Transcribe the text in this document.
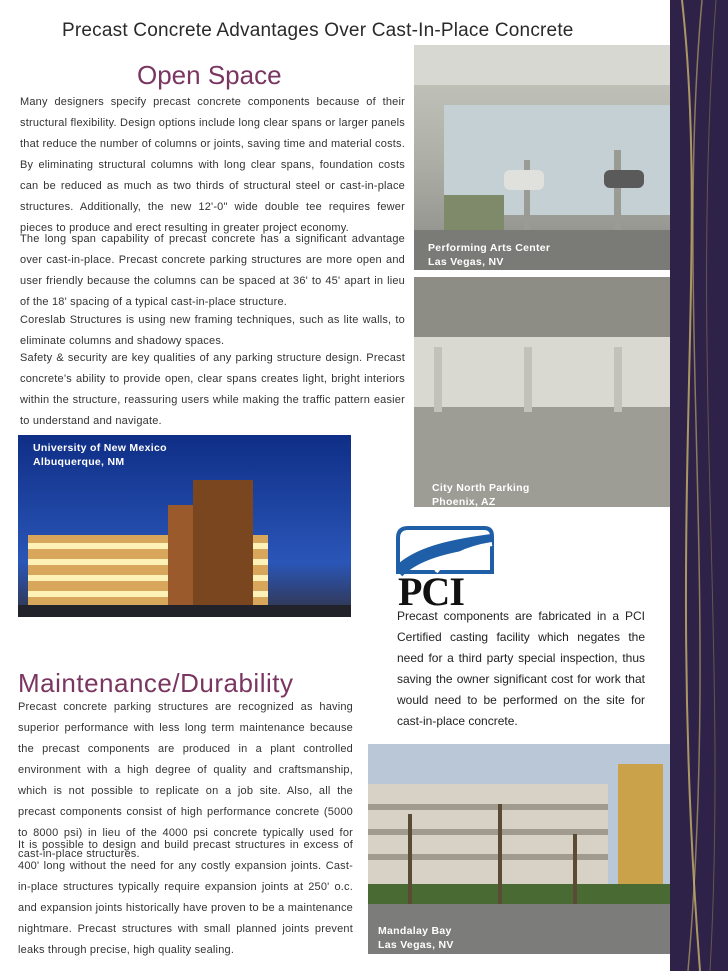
Precast Concrete Advantages Over Cast-In-Place Concrete
Open Space
Many designers specify precast concrete components because of their structural flexibility. Design options include long clear spans or larger panels that reduce the number of columns or joints, saving time and material costs. By eliminating structural columns with long clear spans, foundation costs can be reduced as much as two thirds of structural steel or cast-in-place structures. Additionally, the new 12'-0" wide double tee requires fewer pieces to produce and erect resulting in greater project economy.
The long span capability of precast concrete has a significant advantage over cast-in-place. Precast concrete parking structures are more open and user friendly because the columns can be spaced at 36' to 45' apart in lieu of the 18' spacing of a typical cast-in-place structure.
Coreslab Structures is using new framing techniques, such as lite walls, to eliminate columns and shadowy spaces.
Safety & security are key qualities of any parking structure design. Precast concrete’s ability to provide open, clear spans creates light, bright interiors within the structure, reassuring users while making the traffic pattern easier to understand and navigate.
Performing Arts Center
Las Vegas, NV
City North Parking
Phoenix, AZ
University of New Mexico
Albuquerque, NM
PCI
Precast components are fabricated in a PCI Certified casting facility which negates the need for a third party special inspection, thus saving the owner significant cost for work that would need to be performed on the site for cast-in-place concrete.
Maintenance/Durability
Precast concrete parking structures are recognized as having superior performance with less long term maintenance because the precast components are produced in a plant controlled environment with a high degree of quality and craftsmanship, which is not possible to replicate on a job site. Also, all the precast components consist of high performance concrete (5000 to 8000 psi) in lieu of the 4000 psi concrete typically used for cast-in-place structures.
It is possible to design and build precast structures in excess of 400' long without the need for any costly expansion joints. Cast-in-place structures typically require expansion joints at 250' o.c. and expansion joints historically have proven to be a maintenance nightmare. Precast structures with small planned joints prevent leaks through precise, high quality sealing.
Mandalay Bay
Las Vegas, NV
